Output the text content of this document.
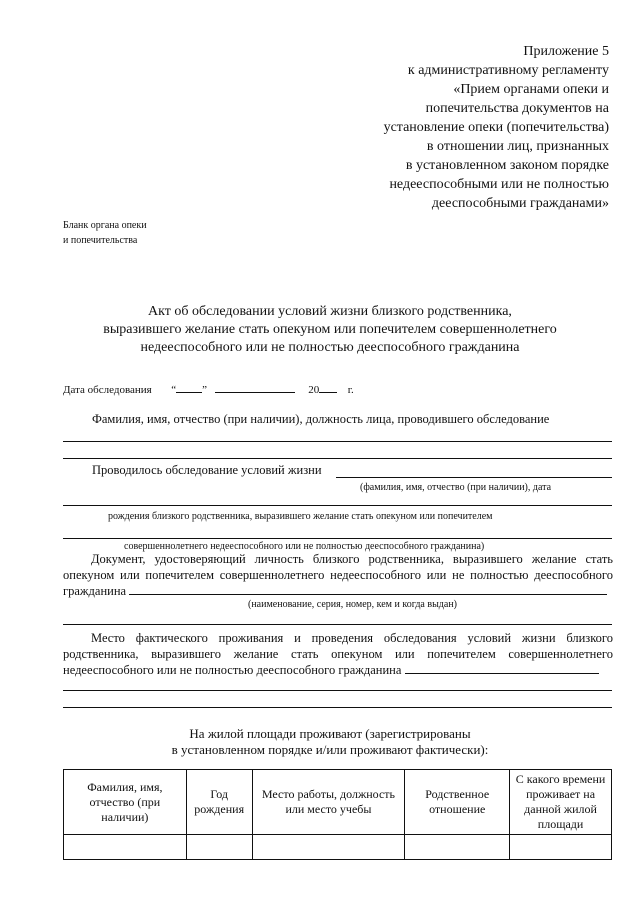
Приложение 5
к административному регламенту
«Прием органами опеки и
попечительства документов на
установление опеки (попечительства)
в отношении лиц, признанных
в установленном законом порядке
недееспособными или не полностью
дееспособными гражданами»
Бланк органа опеки
и попечительства
Акт об обследовании условий жизни близкого родственника,
выразившего желание стать опекуном или попечителем совершеннолетнего
недееспособного или не полностью дееспособного гражданина
Дата обследования “ ”	20	г.
Фамилия, имя, отчество (при наличии), должность лица, проводившего обследование
Проводилось обследование условий жизни
(фамилия, имя, отчество (при наличии), дата
рождения близкого родственника, выразившего желание стать опекуном или попечителем
совершеннолетнего недееспособного или не полностью дееспособного гражданина)
Документ, удостоверяющий личность близкого родственника, выразившего желание стать опекуном или попечителем совершеннолетнего недееспособного или не полностью дееспособного гражданина
(наименование, серия, номер, кем и когда выдан)
Место фактического проживания и проведения обследования условий жизни близкого родственника, выразившего желание стать опекуном или попечителем совершеннолетнего недееспособного или не полностью дееспособного гражданина
На жилой площади проживают (зарегистрированы
в установленном порядке и/или проживают фактически):
Фамилия, имя, отчество (при наличии)	Год рождения	Место работы, должность или место учебы	Родственное отношение	С какого времени проживает на данной жилой площади
